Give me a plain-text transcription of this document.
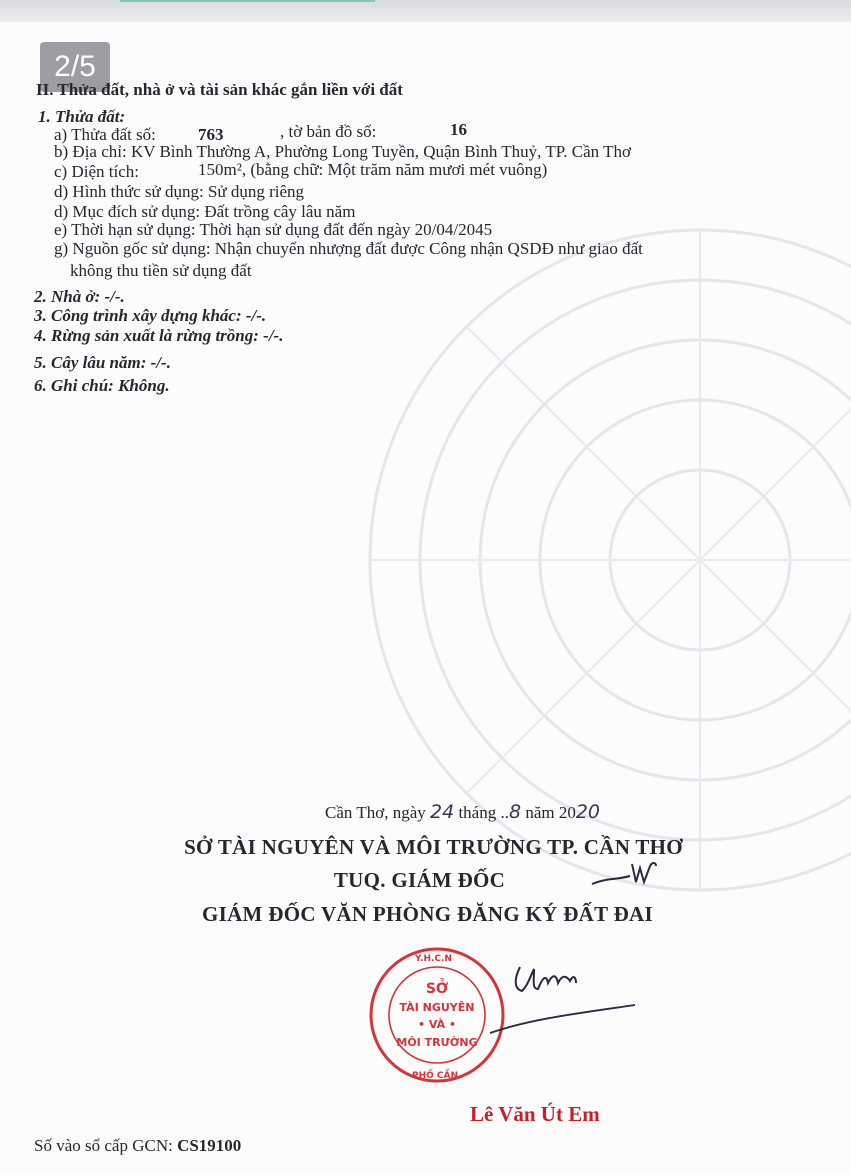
2/5
II. Thửa đất, nhà ở và tài sản khác gắn liền với đất
1. Thửa đất:
a) Thửa đất số: 763	, tờ bản đồ số:	16
b) Địa chỉ: KV Bình Thường A, Phường Long Tuyền, Quận Bình Thuỷ, TP. Cần Thơ
c) Diện tích:	150m², (bằng chữ: Một trăm năm mươi mét vuông)
d) Hình thức sử dụng: Sử dụng riêng
d) Mục đích sử dụng: Đất trồng cây lâu năm
e) Thời hạn sử dụng: Thời hạn sử dụng đất đến ngày 20/04/2045
g) Nguồn gốc sử dụng: Nhận chuyển nhượng đất được Công nhận QSDĐ như giao đất
không thu tiền sử dụng đất
2. Nhà ở: -/-.
3. Công trình xây dựng khác: -/-.
4. Rừng sản xuất là rừng trồng: -/-.
5. Cây lâu năm: -/-.
6. Ghi chú: Không.
Cần Thơ, ngày 24 tháng ..8 năm 2020
SỞ TÀI NGUYÊN VÀ MÔI TRƯỜNG TP. CẦN THƠ
TUQ. GIÁM ĐỐC
GIÁM ĐỐC VĂN PHÒNG ĐĂNG KÝ ĐẤT ĐAI
SỞ
TÀI NGUYÊN
• VÀ •
MÔI TRƯỜNG
Y.H.C.N
PHỐ CẦN
Lê Văn Út Em
Số vào sổ cấp GCN: CS19100
